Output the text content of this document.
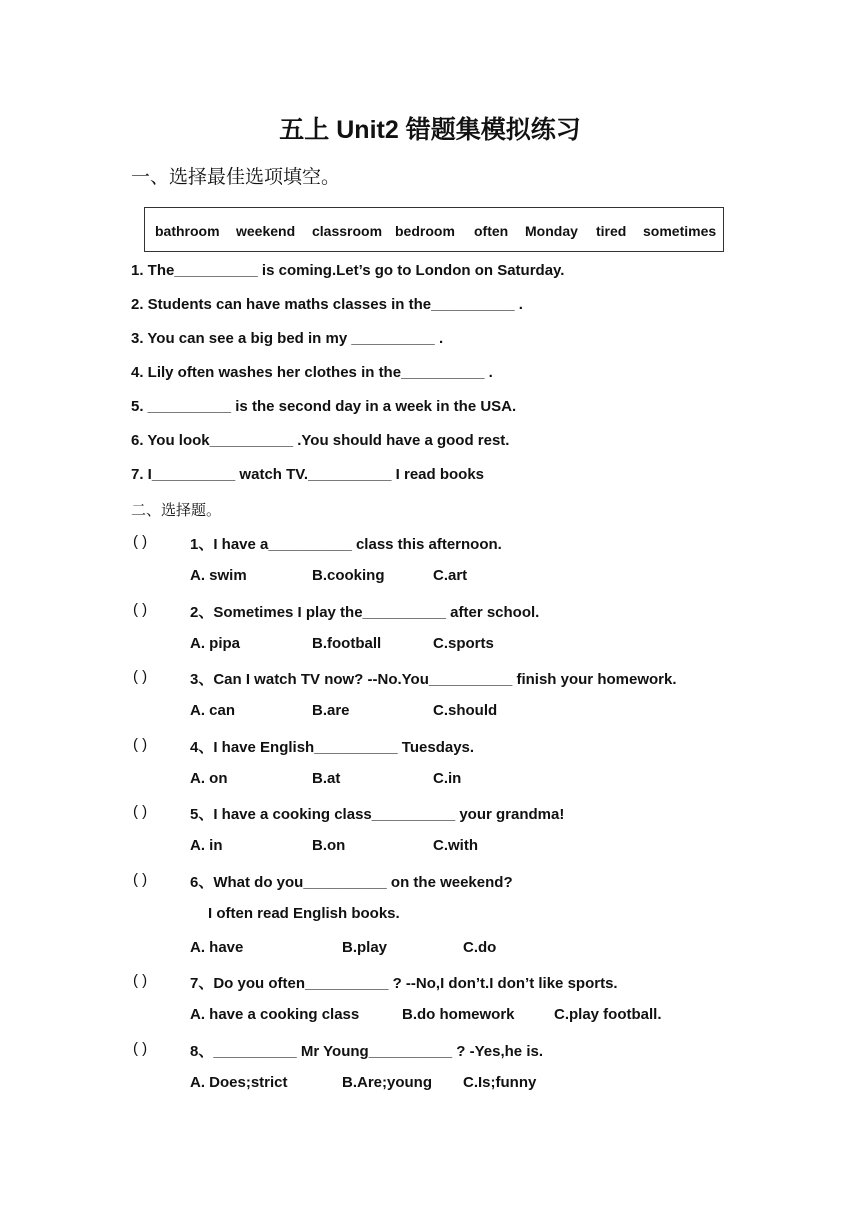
五上 Unit2 错题集模拟练习
一、选择最佳选项填空。
bathroom weekend classroom bedroom often Monday tired sometimes
1. The__________ is coming.Let’s go to London on Saturday.
2. Students can have maths classes in the__________ .
3. You can see a big bed in my __________ .
4. Lily often washes her clothes in the__________ .
5. __________ is the second day in a week in the USA.
6. You look__________ .You should have a good rest.
7. I__________ watch TV.__________ I read books
二、选择题。
( )	1、I have a__________ class this afternoon.
A. swim	B.cooking	C.art
( )	2、Sometimes I play the__________ after school.
A. pipa	B.football	C.sports
( )	3、Can I watch TV now? --No.You__________ finish your homework.
A. can	B.are	C.should
( )	4、I have English__________ Tuesdays.
A. on	B.at	C.in
( )	5、I have a cooking class__________ your grandma!
A. in	B.on	C.with
( )	6、What do you__________ on the weekend?
I often read English books.
A. have	B.play	C.do
( )	7、Do you often__________ ? --No,I don’t.I don’t like sports.
A. have a cooking class	B.do homework	C.play football.
( )	8、__________ Mr Young__________ ? -Yes,he is.
A. Does;strict	B.Are;young C.Is;funny
